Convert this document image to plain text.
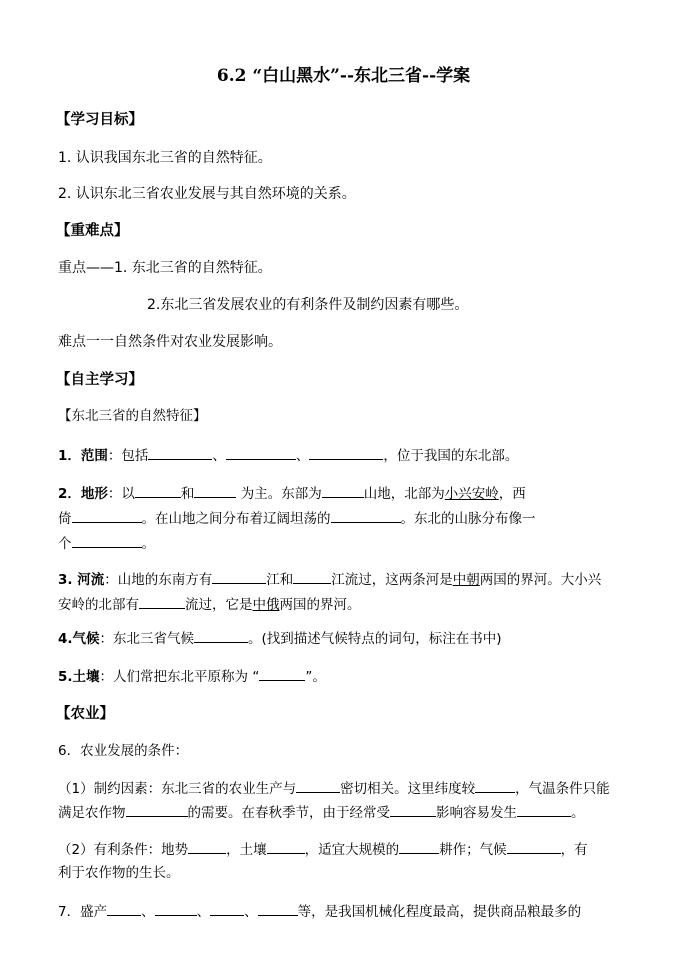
6.2 “白山黑水”--东北三省--学案
【学习目标】
1. 认识我国东北三省的自然特征。
2. 认识东北三省农业发展与其自然环境的关系。
【重难点】
重点——1. 东北三省的自然特征。
2.东北三省发展农业的有利条件及制约因素有哪些。
难点一一自然条件对农业发展影响。
【自主学习】
【东北三省的自然特征】
1．范围：包括	、	、	，位于我国的东北部。
2．地形：以	和	为主。东部为	山地，北部为小兴安岭，西
倚	。在山地之间分布着辽阔坦荡的	。东北的山脉分布像一
个	。
3. 河流：山地的东南方有	江和	江流过，这两条河是中朝两国的界河。大小兴
安岭的北部有	流过，它是中俄两国的界河。
4.气候：东北三省气候	。(找到描述气候特点的词句，标注在书中)
5.土壤：人们常把东北平原称为 “	”。
【农业】
6．农业发展的条件：
（1）制约因素：东北三省的农业生产与	密切相关。这里纬度较	，气温条件只能
满足农作物	的需要。在春秋季节，由于经常受	影响容易发生	。
（2）有利条件：地势	，土壤	，适宜大规模的	耕作；气候	，有
利于农作物的生长。
7．盛产	、	、	、	等，是我国机械化程度最高，提供商品粮最多的
